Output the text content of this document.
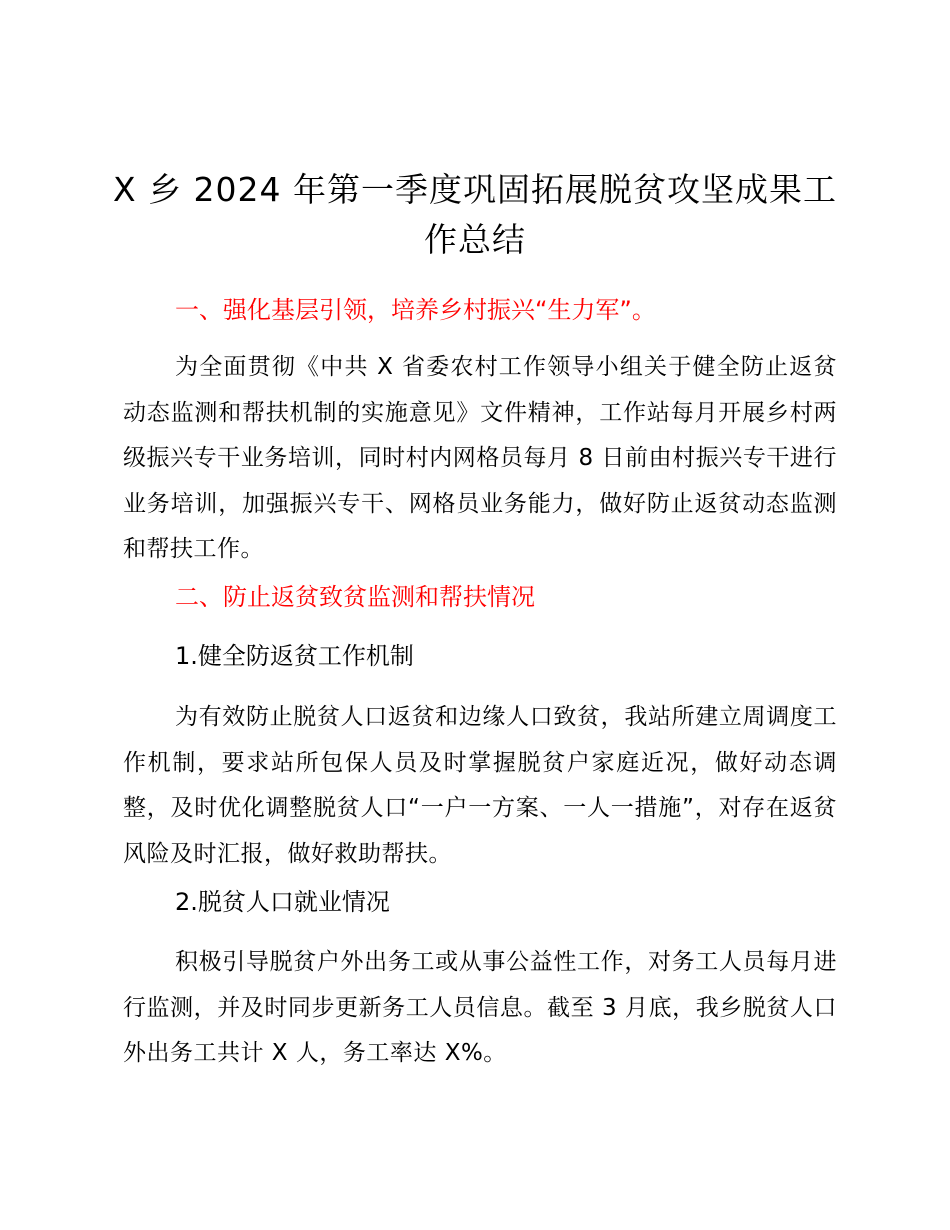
X 乡 2024 年第一季度巩固拓展脱贫攻坚成果工作总结
一、强化基层引领，培养乡村振兴“生力军”。

为全面贯彻《中共 X 省委农村工作领导小组关于健全防止返贫动态监测和帮扶机制的实施意见》文件精神，工作站每月开展乡村两级振兴专干业务培训，同时村内网格员每月 8 日前由村振兴专干进行业务培训，加强振兴专干、网格员业务能力，做好防止返贫动态监测和帮扶工作。

二、防止返贫致贫监测和帮扶情况
1.健全防返贫工作机制

为有效防止脱贫人口返贫和边缘人口致贫，我站所建立周调度工作机制，要求站所包保人员及时掌握脱贫户家庭近况，做好动态调整，及时优化调整脱贫人口“一户一方案、一人一措施”，对存在返贫风险及时汇报，做好救助帮扶。

2.脱贫人口就业情况

积极引导脱贫户外出务工或从事公益性工作，对务工人员每月进行监测，并及时同步更新务工人员信息。截至 3 月底，我乡脱贫人口外出务工共计 X 人，务工率达 X%。
